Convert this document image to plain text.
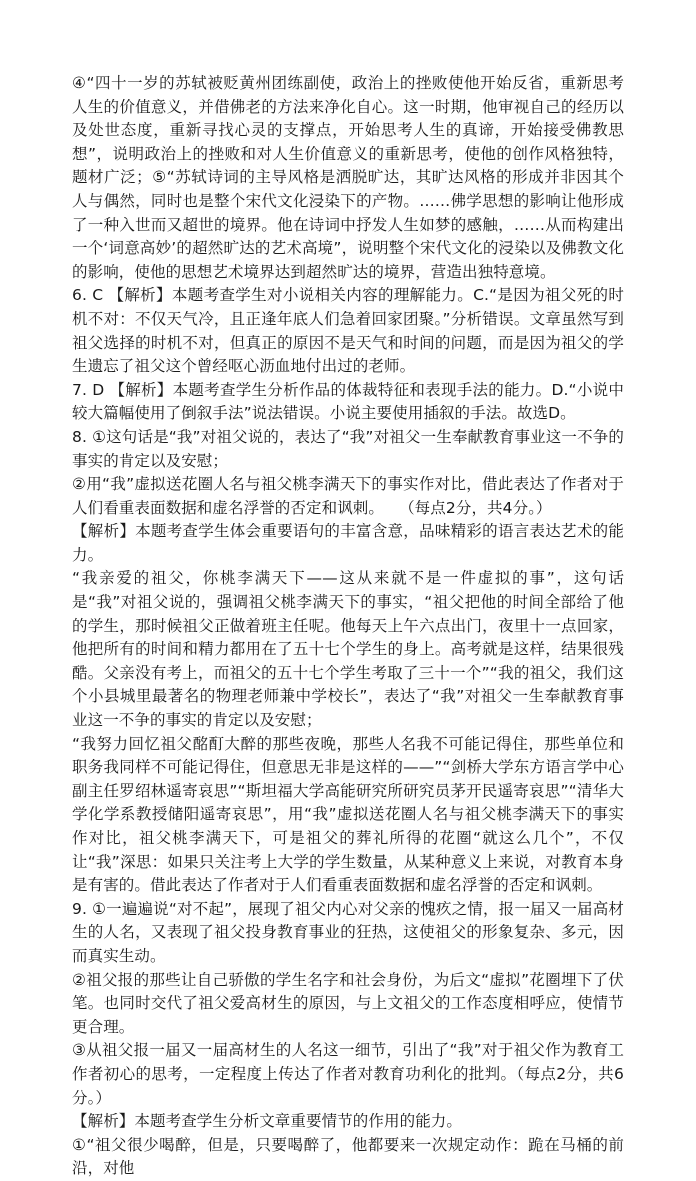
④“四十一岁的苏轼被贬黄州团练副使，政治上的挫败使他开始反省，重新思考人生的价值意义，并借佛老的方法来净化自心。这一时期，他审视自己的经历以及处世态度，重新寻找心灵的支撑点，开始思考人生的真谛，开始接受佛教思想”，说明政治上的挫败和对人生价值意义的重新思考，使他的创作风格独特，题材广泛；⑤“苏轼诗词的主导风格是洒脱旷达，其旷达风格的形成并非因其个人与偶然，同时也是整个宋代文化浸染下的产物。……佛学思想的影响让他形成了一种入世而又超世的境界。他在诗词中抒发人生如梦的感触，……从而构建出一个‘词意高妙’的超然旷达的艺术高境”，说明整个宋代文化的浸染以及佛教文化的影响，使他的思想艺术境界达到超然旷达的境界，营造出独特意境。

6. C 【解析】本题考查学生对小说相关内容的理解能力。C.“是因为祖父死的时机不对：不仅天气冷，且正逢年底人们急着回家团聚。”分析错误。文章虽然写到祖父选择的时机不对，但真正的原因不是天气和时间的问题，而是因为祖父的学生遗忘了祖父这个曾经呕心沥血地付出过的老师。

7. D 【解析】本题考查学生分析作品的体裁特征和表现手法的能力。D.“小说中较大篇幅使用了倒叙手法”说法错误。小说主要使用插叙的手法。故选D。

8. ①这句话是“我”对祖父说的，表达了“我”对祖父一生奉献教育事业这一不争的事实的肯定以及安慰；

②用“我”虚拟送花圈人名与祖父桃李满天下的事实作对比，借此表达了作者对于人们看重表面数据和虚名浮誉的否定和讽刺。   （每点2分，共4分。）

【解析】本题考查学生体会重要语句的丰富含意，品味精彩的语言表达艺术的能力。

“我亲爱的祖父，你桃李满天下——这从来就不是一件虚拟的事”，这句话是“我”对祖父说的，强调祖父桃李满天下的事实，“祖父把他的时间全部给了他的学生，那时候祖父正做着班主任呢。他每天上午六点出门，夜里十一点回家，他把所有的时间和精力都用在了五十七个学生的身上。高考就是这样，结果很残酷。父亲没有考上，而祖父的五十七个学生考取了三十一个”“我的祖父，我们这个小县城里最著名的物理老师兼中学校长”，表达了“我”对祖父一生奉献教育事业这一不争的事实的肯定以及安慰；

“我努力回忆祖父酩酊大醉的那些夜晚，那些人名我不可能记得住，那些单位和职务我同样不可能记得住，但意思无非是这样的——”“剑桥大学东方语言学中心副主任罗绍林遥寄哀思”“斯坦福大学高能研究所研究员茅开民遥寄哀思”“清华大学化学系教授储阳遥寄哀思”，用“我”虚拟送花圈人名与祖父桃李满天下的事实作对比，祖父桃李满天下，可是祖父的葬礼所得的花圈“就这么几个”，不仅让“我”深思：如果只关注考上大学的学生数量，从某种意义上来说，对教育本身是有害的。借此表达了作者对于人们看重表面数据和虚名浮誉的否定和讽刺。

9. ①一遍遍说“对不起”，展现了祖父内心对父亲的愧疚之情，报一届又一届高材生的人名，又表现了祖父投身教育事业的狂热，这使祖父的形象复杂、多元，因而真实生动。

②祖父报的那些让自己骄傲的学生名字和社会身份，为后文“虚拟”花圈埋下了伏笔。也同时交代了祖父爱高材生的原因，与上文祖父的工作态度相呼应，使情节更合理。

③从祖父报一届又一届高材生的人名这一细节，引出了“我”对于祖父作为教育工作者初心的思考，一定程度上传达了作者对教育功利化的批判。（每点2分，共6分。）

【解析】本题考查学生分析文章重要情节的作用的能力。

①“祖父很少喝醉，但是，只要喝醉了，他都要来一次规定动作：跪在马桶的前沿，对他
